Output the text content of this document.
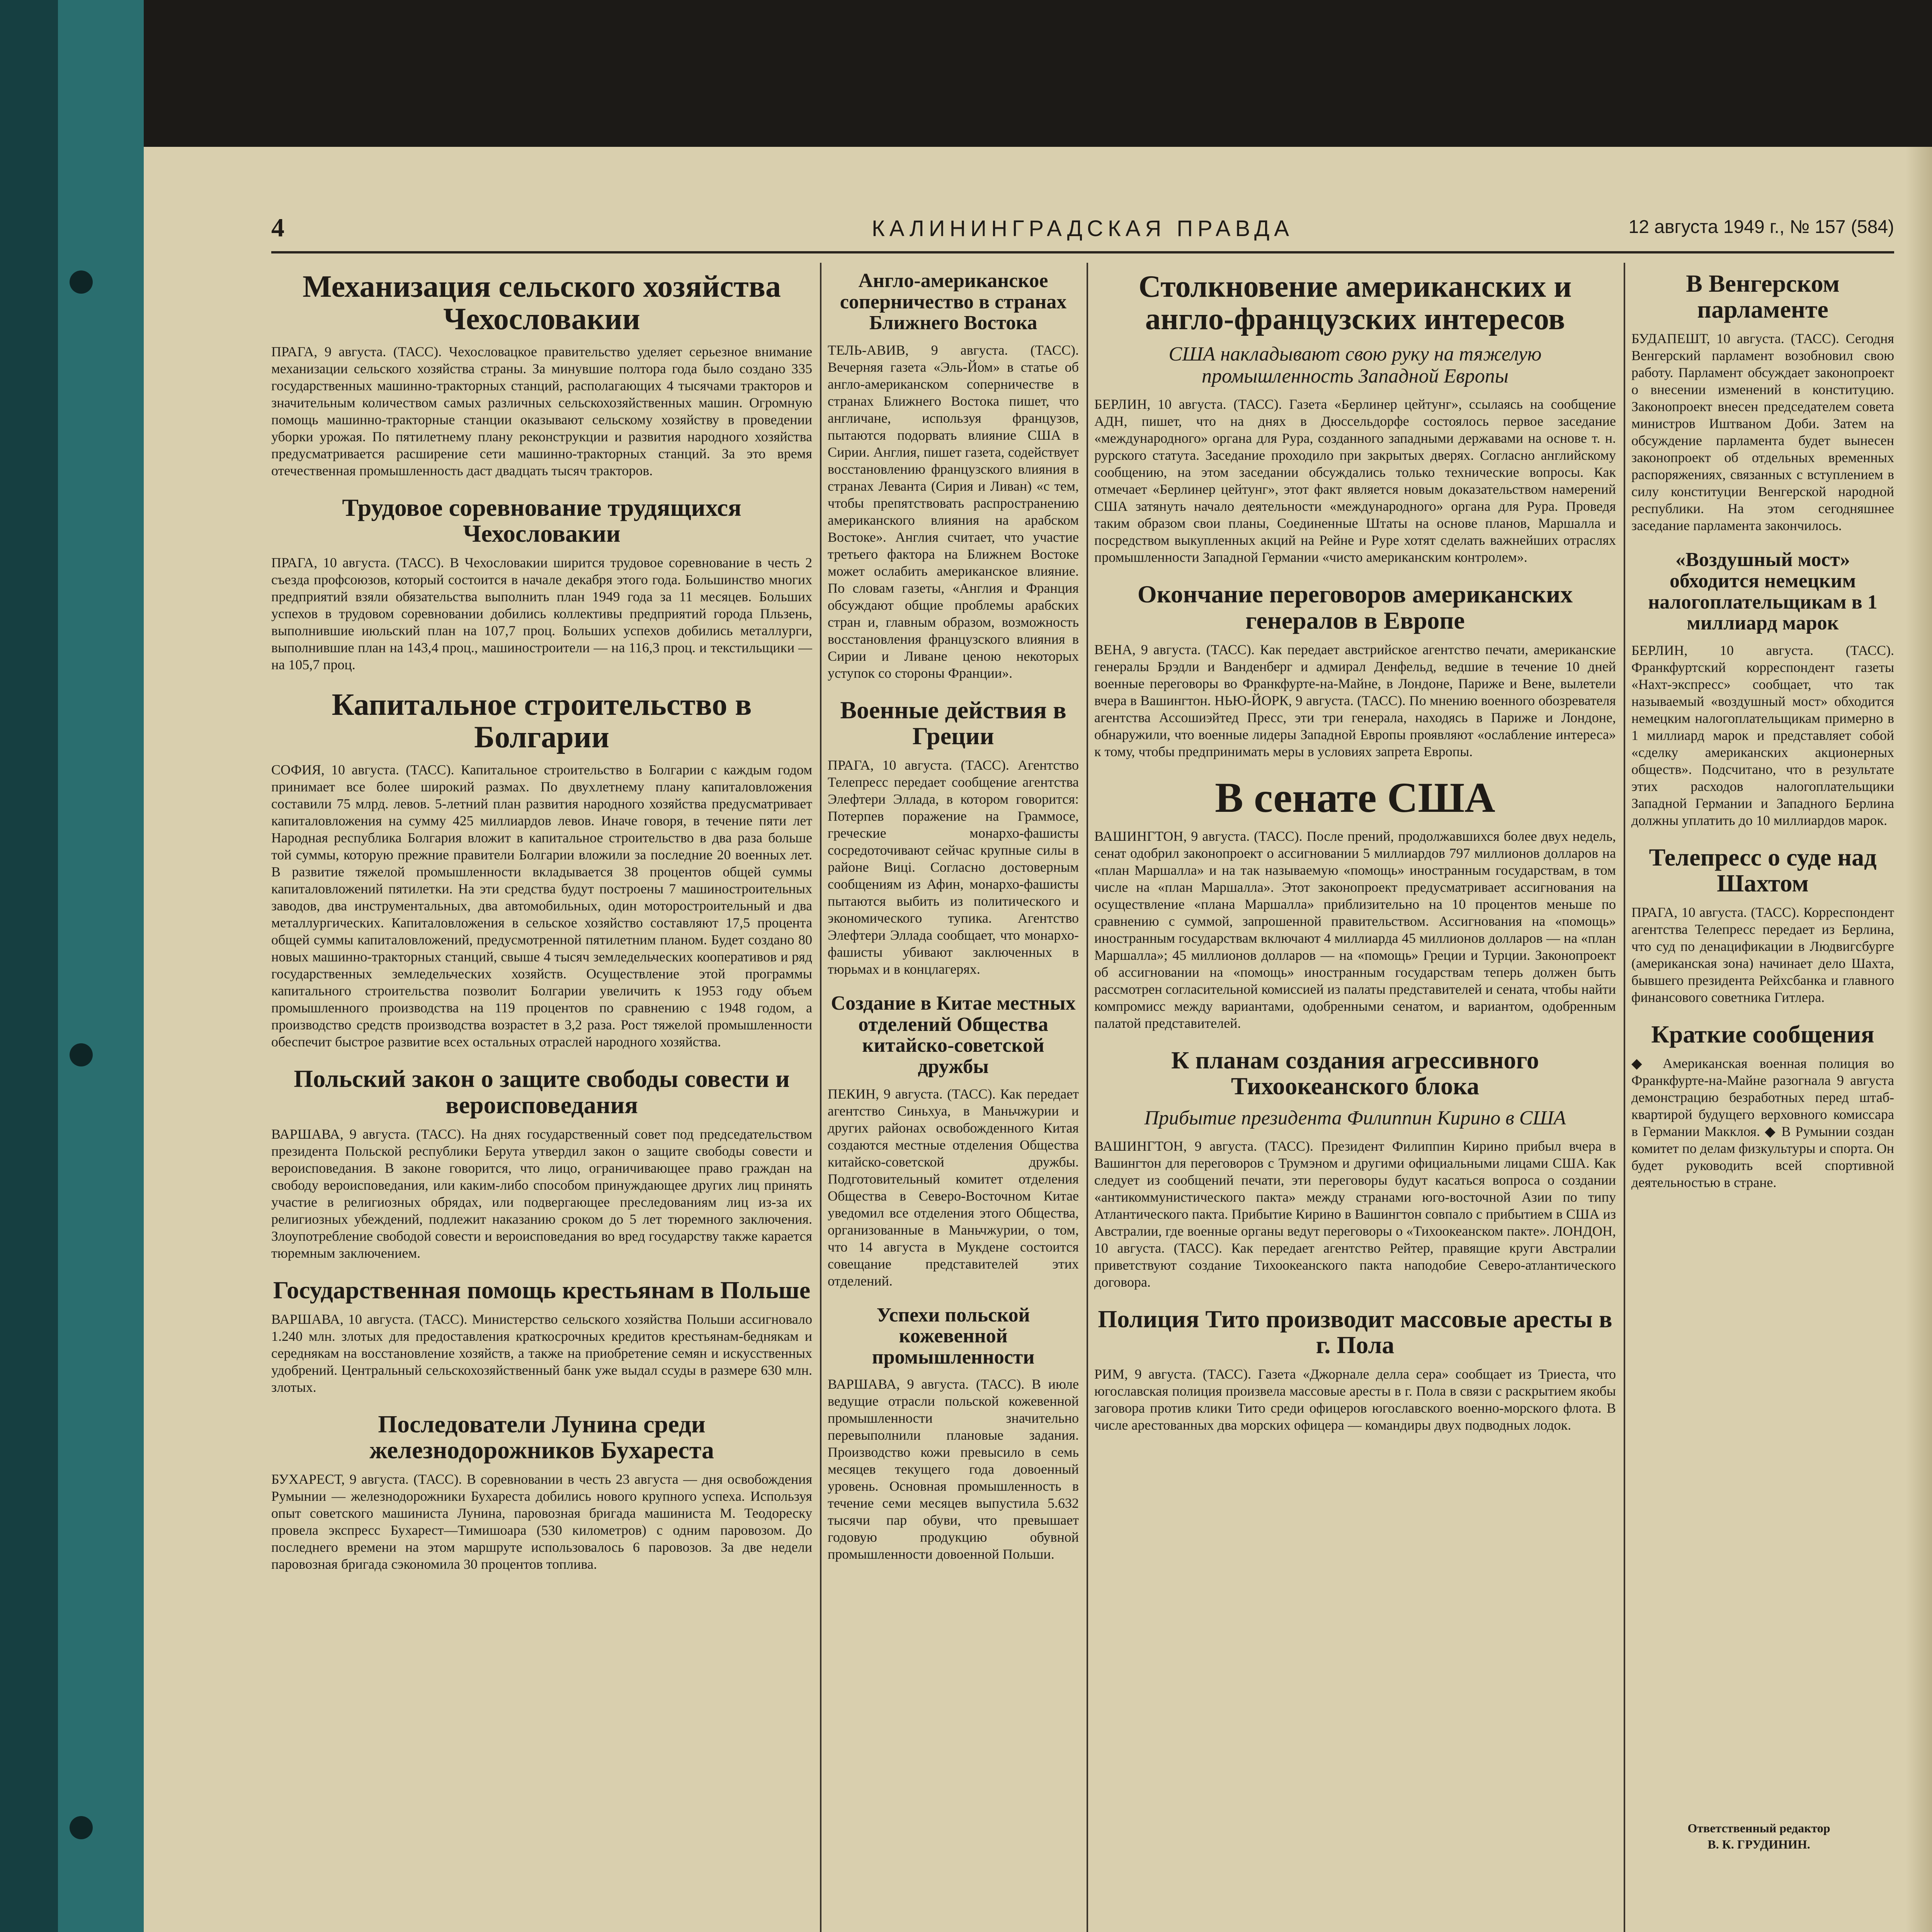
4	КАЛИНИНГРАДСКАЯ ПРАВДА	12 августа 1949 г., № 157 (584)
Механизация сельского хозяйства Чехословакии
ПРАГА, 9 августа. (ТАСС). Чехословацкое правительство уделяет серьезное внимание механизации сельского хозяйства страны. За минувшие полтора года было создано 335 государственных машинно-тракторных станций, располагающих 4 тысячами тракторов и значительным количеством самых различных сельскохозяйственных машин. Огромную помощь машинно-тракторные станции оказывают сельскому хозяйству в проведении уборки урожая. По пятилетнему плану реконструкции и развития народного хозяйства предусматривается расширение сети машинно-тракторных станций. За это время отечественная промышленность даст двадцать тысяч тракторов.
Трудовое соревнование трудящихся Чехословакии
ПРАГА, 10 августа. (ТАСС). В Чехословакии ширится трудовое соревнование в честь 2 съезда профсоюзов, который состоится в начале декабря этого года. Большинство многих предприятий взяли обязательства выполнить план 1949 года за 11 месяцев. Больших успехов в трудовом соревновании добились коллективы предприятий города Пльзень, выполнившие июльский план на 107,7 проц. Больших успехов добились металлурги, выполнившие план на 143,4 проц., машиностроители — на 116,3 проц. и текстильщики — на 105,7 проц.
Капитальное строительство в Болгарии
СОФИЯ, 10 августа. (ТАСС). Капитальное строительство в Болгарии с каждым годом принимает все более широкий размах. По двухлетнему плану капиталовложения составили 75 млрд. левов. 5-летний план развития народного хозяйства предусматривает капиталовложения на сумму 425 миллиардов левов. Иначе говоря, в течение пяти лет Народная республика Болгария вложит в капитальное строительство в два раза больше той суммы, которую прежние правители Болгарии вложили за последние 20 военных лет. В развитие тяжелой промышленности вкладывается 38 процентов общей суммы капиталовложений пятилетки. На эти средства будут построены 7 машиностроительных заводов, два инструментальных, два автомобильных, один моторостроительный и два металлургических. Капиталовложения в сельское хозяйство составляют 17,5 процента общей суммы капиталовложений, предусмотренной пятилетним планом. Будет создано 80 новых машинно-тракторных станций, свыше 4 тысяч земледельческих кооперативов и ряд государственных земледельческих хозяйств. Осуществление этой программы капитального строительства позволит Болгарии увеличить к 1953 году объем промышленного производства на 119 процентов по сравнению с 1948 годом, а производство средств производства возрастет в 3,2 раза. Рост тяжелой промышленности обеспечит быстрое развитие всех остальных отраслей народного хозяйства.
Польский закон о защите свободы совести и вероисповедания
ВАРШАВА, 9 августа. (ТАСС). На днях государственный совет под председательством президента Польской республики Берута утвердил закон о защите свободы совести и вероисповедания. В законе говорится, что лицо, ограничивающее право граждан на свободу вероисповедания, или каким-либо способом принуждающее других лиц принять участие в религиозных обрядах, или подвергающее преследованиям лиц из-за их религиозных убеждений, подлежит наказанию сроком до 5 лет тюремного заключения. Злоупотребление свободой совести и вероисповедания во вред государству также карается тюремным заключением.
Государственная помощь крестьянам в Польше
ВАРШАВА, 10 августа. (ТАСС). Министерство сельского хозяйства Польши ассигновало 1.240 млн. злотых для предоставления краткосрочных кредитов крестьянам-беднякам и середнякам на восстановление хозяйств, а также на приобретение семян и искусственных удобрений. Центральный сельскохозяйственный банк уже выдал ссуды в размере 630 млн. злотых.
Последователи Лунина среди железнодорожников Бухареста
БУХАРЕСТ, 9 августа. (ТАСС). В соревновании в честь 23 августа — дня освобождения Румынии — железнодорожники Бухареста добились нового крупного успеха. Используя опыт советского машиниста Лунина, паровозная бригада машиниста М. Теодореску провела экспресс Бухарест—Тимишоара (530 километров) с одним паровозом. До последнего времени на этом маршруте использовалось 6 паровозов. За две недели паровозная бригада сэкономила 30 процентов топлива.
Англо-американское соперничество в странах Ближнего Востока
ТЕЛЬ-АВИВ, 9 августа. (ТАСС). Вечерняя газета «Эль-Йом» в статье об англо-американском соперничестве в странах Ближнего Востока пишет, что англичане, используя французов, пытаются подорвать влияние США в Сирии. Англия, пишет газета, содействует восстановлению французского влияния в странах Леванта (Сирия и Ливан) «с тем, чтобы препятствовать распространению американского влияния на арабском Востоке». Англия считает, что участие третьего фактора на Ближнем Востоке может ослабить американское влияние. По словам газеты, «Англия и Франция обсуждают общие проблемы арабских стран и, главным образом, возможность восстановления французского влияния в Сирии и Ливане ценою некоторых уступок со стороны Франции».
Военные действия в Греции
ПРАГА, 10 августа. (ТАСС). Агентство Телепресс передает сообщение агентства Элефтери Эллада, в котором говорится: Потерпев поражение на Граммосе, греческие монархо-фашисты сосредоточивают сейчас крупные силы в районе Виці. Согласно достоверным сообщениям из Афин, монархо-фашисты пытаются выбить из политического и экономического тупика. Агентство Элефтери Эллада сообщает, что монархо-фашисты убивают заключенных в тюрьмах и в концлагерях.
Создание в Китае местных отделений Общества китайско-советской дружбы
ПЕКИН, 9 августа. (ТАСС). Как передает агентство Синьхуа, в Маньчжурии и других районах освобожденного Китая создаются местные отделения Общества китайско-советской дружбы. Подготовительный комитет отделения Общества в Северо-Восточном Китае уведомил все отделения этого Общества, организованные в Маньчжурии, о том, что 14 августа в Мукдене состоится совещание представителей этих отделений.
Успехи польской кожевенной промышленности
ВАРШАВА, 9 августа. (ТАСС). В июле ведущие отрасли польской кожевенной промышленности значительно перевыполнили плановые задания. Производство кожи превысило в семь месяцев текущего года довоенный уровень. Основная промышленность в течение семи месяцев выпустила 5.632 тысячи пар обуви, что превышает годовую продукцию обувной промышленности довоенной Польши.
Столкновение американских и англо-французских интересов
США накладывают свою руку на тяжелую промышленность Западной Европы
БЕРЛИН, 10 августа. (ТАСС). Газета «Берлинер цейтунг», ссылаясь на сообщение АДН, пишет, что на днях в Дюссельдорфе состоялось первое заседание «международного» органа для Рура, созданного западными державами на основе т. н. рурского статута. Заседание проходило при закрытых дверях. Согласно английскому сообщению, на этом заседании обсуждались только технические вопросы. Как отмечает «Берлинер цейтунг», этот факт является новым доказательством намерений США затянуть начало деятельности «международного» органа для Рура. Проведя таким образом свои планы, Соединенные Штаты на основе планов, Маршалла и посредством выкупленных акций на Рейне и Руре хотят сделать важнейших отраслях промышленности Западной Германии «чисто американским контролем».
Окончание переговоров американских генералов в Европе
ВЕНА, 9 августа. (ТАСС). Как передает австрийское агентство печати, американские генералы Брэдли и Ванденберг и адмирал Денфельд, ведшие в течение 10 дней военные переговоры во Франкфурте-на-Майне, в Лондоне, Париже и Вене, вылетели вчера в Вашингтон. НЬЮ-ЙОРК, 9 августа. (ТАСС). По мнению военного обозревателя агентства Ассошиэйтед Пресс, эти три генерала, находясь в Париже и Лондоне, обнаружили, что военные лидеры Западной Европы проявляют «ослабление интереса» к тому, чтобы предпринимать меры в условиях запрета Европы.
В сенате США
ВАШИНГТОН, 9 августа. (ТАСС). После прений, продолжавшихся более двух недель, сенат одобрил законопроект о ассигновании 5 миллиардов 797 миллионов долларов на «план Маршалла» и на так называемую «помощь» иностранным государствам, в том числе на «план Маршалла». Этот законопроект предусматривает ассигнования на осуществление «плана Маршалла» приблизительно на 10 процентов меньше по сравнению с суммой, запрошенной правительством. Ассигнования на «помощь» иностранным государствам включают 4 миллиарда 45 миллионов долларов — на «план Маршалла»; 45 миллионов долларов — на «помощь» Греции и Турции. Законопроект об ассигновании на «помощь» иностранным государствам теперь должен быть рассмотрен согласительной комиссией из палаты представителей и сената, чтобы найти компромисс между вариантами, одобренными сенатом, и вариантом, одобренным палатой представителей.
К планам создания агрессивного Тихоокеанского блока
Прибытие президента Филиппин Кирино в США
ВАШИНГТОН, 9 августа. (ТАСС). Президент Филиппин Кирино прибыл вчера в Вашингтон для переговоров с Трумэном и другими официальными лицами США. Как следует из сообщений печати, эти переговоры будут касаться вопроса о создании «антикоммунистического пакта» между странами юго-восточной Азии по типу Атлантического пакта. Прибытие Кирино в Вашингтон совпало с прибытием в США из Австралии, где военные органы ведут переговоры о «Тихоокеанском пакте». ЛОНДОН, 10 августа. (ТАСС). Как передает агентство Рейтер, правящие круги Австралии приветствуют создание Тихоокеанского пакта наподобие Северо-атлантического договора.
Полиция Тито производит массовые аресты в г. Пола
РИМ, 9 августа. (ТАСС). Газета «Джорнале делла сера» сообщает из Триеста, что югославская полиция произвела массовые аресты в г. Пола в связи с раскрытием якобы заговора против клики Тито среди офицеров югославского военно-морского флота. В числе арестованных два морских офицера — командиры двух подводных лодок.
В Венгерском парламенте
БУДАПЕШТ, 10 августа. (ТАСС). Сегодня Венгерский парламент возобновил свою работу. Парламент обсуждает законопроект о внесении изменений в конституцию. Законопроект внесен председателем совета министров Иштваном Доби. Затем на обсуждение парламента будет вынесен законопроект об отдельных временных распоряжениях, связанных с вступлением в силу конституции Венгерской народной республики. На этом сегодняшнее заседание парламента закончилось.
«Воздушный мост» обходится немецким налогоплательщикам в 1 миллиард марок
БЕРЛИН, 10 августа. (ТАСС). Франкфуртский корреспондент газеты «Нахт-экспресс» сообщает, что так называемый «воздушный мост» обходится немецким налогоплательщикам примерно в 1 миллиард марок и представляет собой «сделку американских акционерных обществ». Подсчитано, что в результате этих расходов налогоплательщики Западной Германии и Западного Берлина должны уплатить до 10 миллиардов марок.
Телепресс о суде над Шахтом
ПРАГА, 10 августа. (ТАСС). Корреспондент агентства Телепресс передает из Берлина, что суд по денацификации в Людвигсбурге (американская зона) начинает дело Шахта, бывшего президента Рейхсбанка и главного финансового советника Гитлера.
Краткие сообщения
◆ Американская военная полиция во Франкфурте-на-Майне разогнала 9 августа демонстрацию безработных перед штаб-квартирой будущего верховного комиссара в Германии Макклоя. ◆ В Румынии создан комитет по делам физкультуры и спорта. Он будет руководить всей спортивной деятельностью в стране.
Ответственный редактор
В. К. ГРУДИНИН.
